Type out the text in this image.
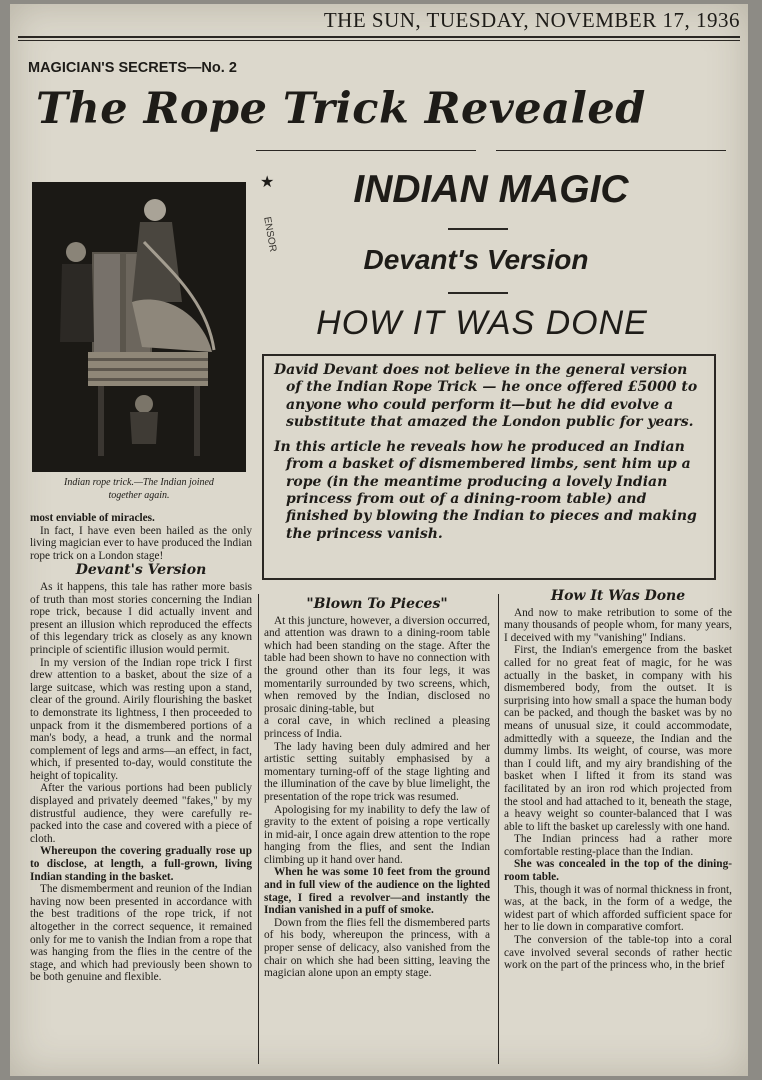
THE SUN, TUESDAY, NOVEMBER 17, 1936
MAGICIAN'S SECRETS—No. 2
The Rope Trick Revealed
Indian rope trick.—The Indian joined
together again.
★
ENSOR
INDIAN MAGIC
Devant's Version
HOW IT WAS DONE

David Devant does not believe in the general version of the Indian Rope Trick — he once offered £5000 to anyone who could perform it—but he did evolve a substitute that amazed the London public for years.

In this article he reveals how he produced an Indian from a basket of dismembered limbs, sent him up a rope (in the meantime producing a lovely Indian princess from out of a dining-room table) and finished by blowing the Indian to pieces and making the princess vanish.

most enviable of miracles.

In fact, I have even been hailed as the only living magician ever to have produced the Indian rope trick on a London stage!

Devant's Version

As it happens, this tale has rather more basis of truth than most stories concerning the Indian rope trick, because I did actually invent and present an illusion which reproduced the effects of this legendary trick as closely as any known principle of scientific illusion would permit.

In my version of the Indian rope trick I first drew attention to a basket, about the size of a large suitcase, which was resting upon a stand, clear of the ground. Airily flourishing the basket to demonstrate its lightness, I then proceeded to unpack from it the dismembered portions of a man's body, a head, a trunk and the normal complement of legs and arms—an effect, in fact, which, if presented to-day, would constitute the height of topicality.

After the various portions had been publicly displayed and privately deemed "fakes," by my distrustful audience, they were carefully re-packed into the case and covered with a piece of cloth.

Whereupon the covering gradually rose up to disclose, at length, a full-grown, living Indian standing in the basket.

The dismemberment and reunion of the Indian having now been presented in accordance with the best traditions of the rope trick, if not altogether in the correct sequence, it remained only for me to vanish the Indian from a rope that was hanging from the flies in the centre of the stage, and which had previously been shown to be both genuine and flexible.

"Blown To Pieces"

At this juncture, however, a diversion occurred, and attention was drawn to a dining-room table which had been standing on the stage. After the table had been shown to have no connection with the ground other than its four legs, it was momentarily surrounded by two screens, which, when removed by the Indian, disclosed no prosaic dining-table, but

a coral cave, in which reclined a pleasing princess of India.

The lady having been duly admired and her artistic setting suitably emphasised by a momentary turning-off of the stage lighting and the illumination of the cave by blue limelight, the presentation of the rope trick was resumed.

Apologising for my inability to defy the law of gravity to the extent of poising a rope vertically in mid-air, I once again drew attention to the rope hanging from the flies, and sent the Indian climbing up it hand over hand.

When he was some 10 feet from the ground and in full view of the audience on the lighted stage, I fired a revolver—and instantly the Indian vanished in a puff of smoke.

Down from the flies fell the dismembered parts of his body, whereupon the princess, with a proper sense of delicacy, also vanished from the chair on which she had been sitting, leaving the magician alone upon an empty stage.

How It Was Done

And now to make retribution to some of the many thousands of people whom, for many years, I deceived with my "vanishing" Indians.

First, the Indian's emergence from the basket called for no great feat of magic, for he was actually in the basket, in company with his dismembered body, from the outset. It is surprising into how small a space the human body can be packed, and though the basket was by no means of unusual size, it could accommodate, admittedly with a squeeze, the Indian and the dummy limbs. Its weight, of course, was more than I could lift, and my airy brandishing of the basket when I lifted it from its stand was facilitated by an iron rod which projected from the stool and had attached to it, beneath the stage, a heavy weight so counter-balanced that I was able to lift the basket up carelessly with one hand.

The Indian princess had a rather more comfortable resting-place than the Indian.

She was concealed in the top of the dining-room table.

This, though it was of normal thickness in front, was, at the back, in the form of a wedge, the widest part of which afforded sufficient space for her to lie down in comparative comfort.

The conversion of the table-top into a coral cave involved several seconds of rather hectic work on the part of the princess who, in the brief
